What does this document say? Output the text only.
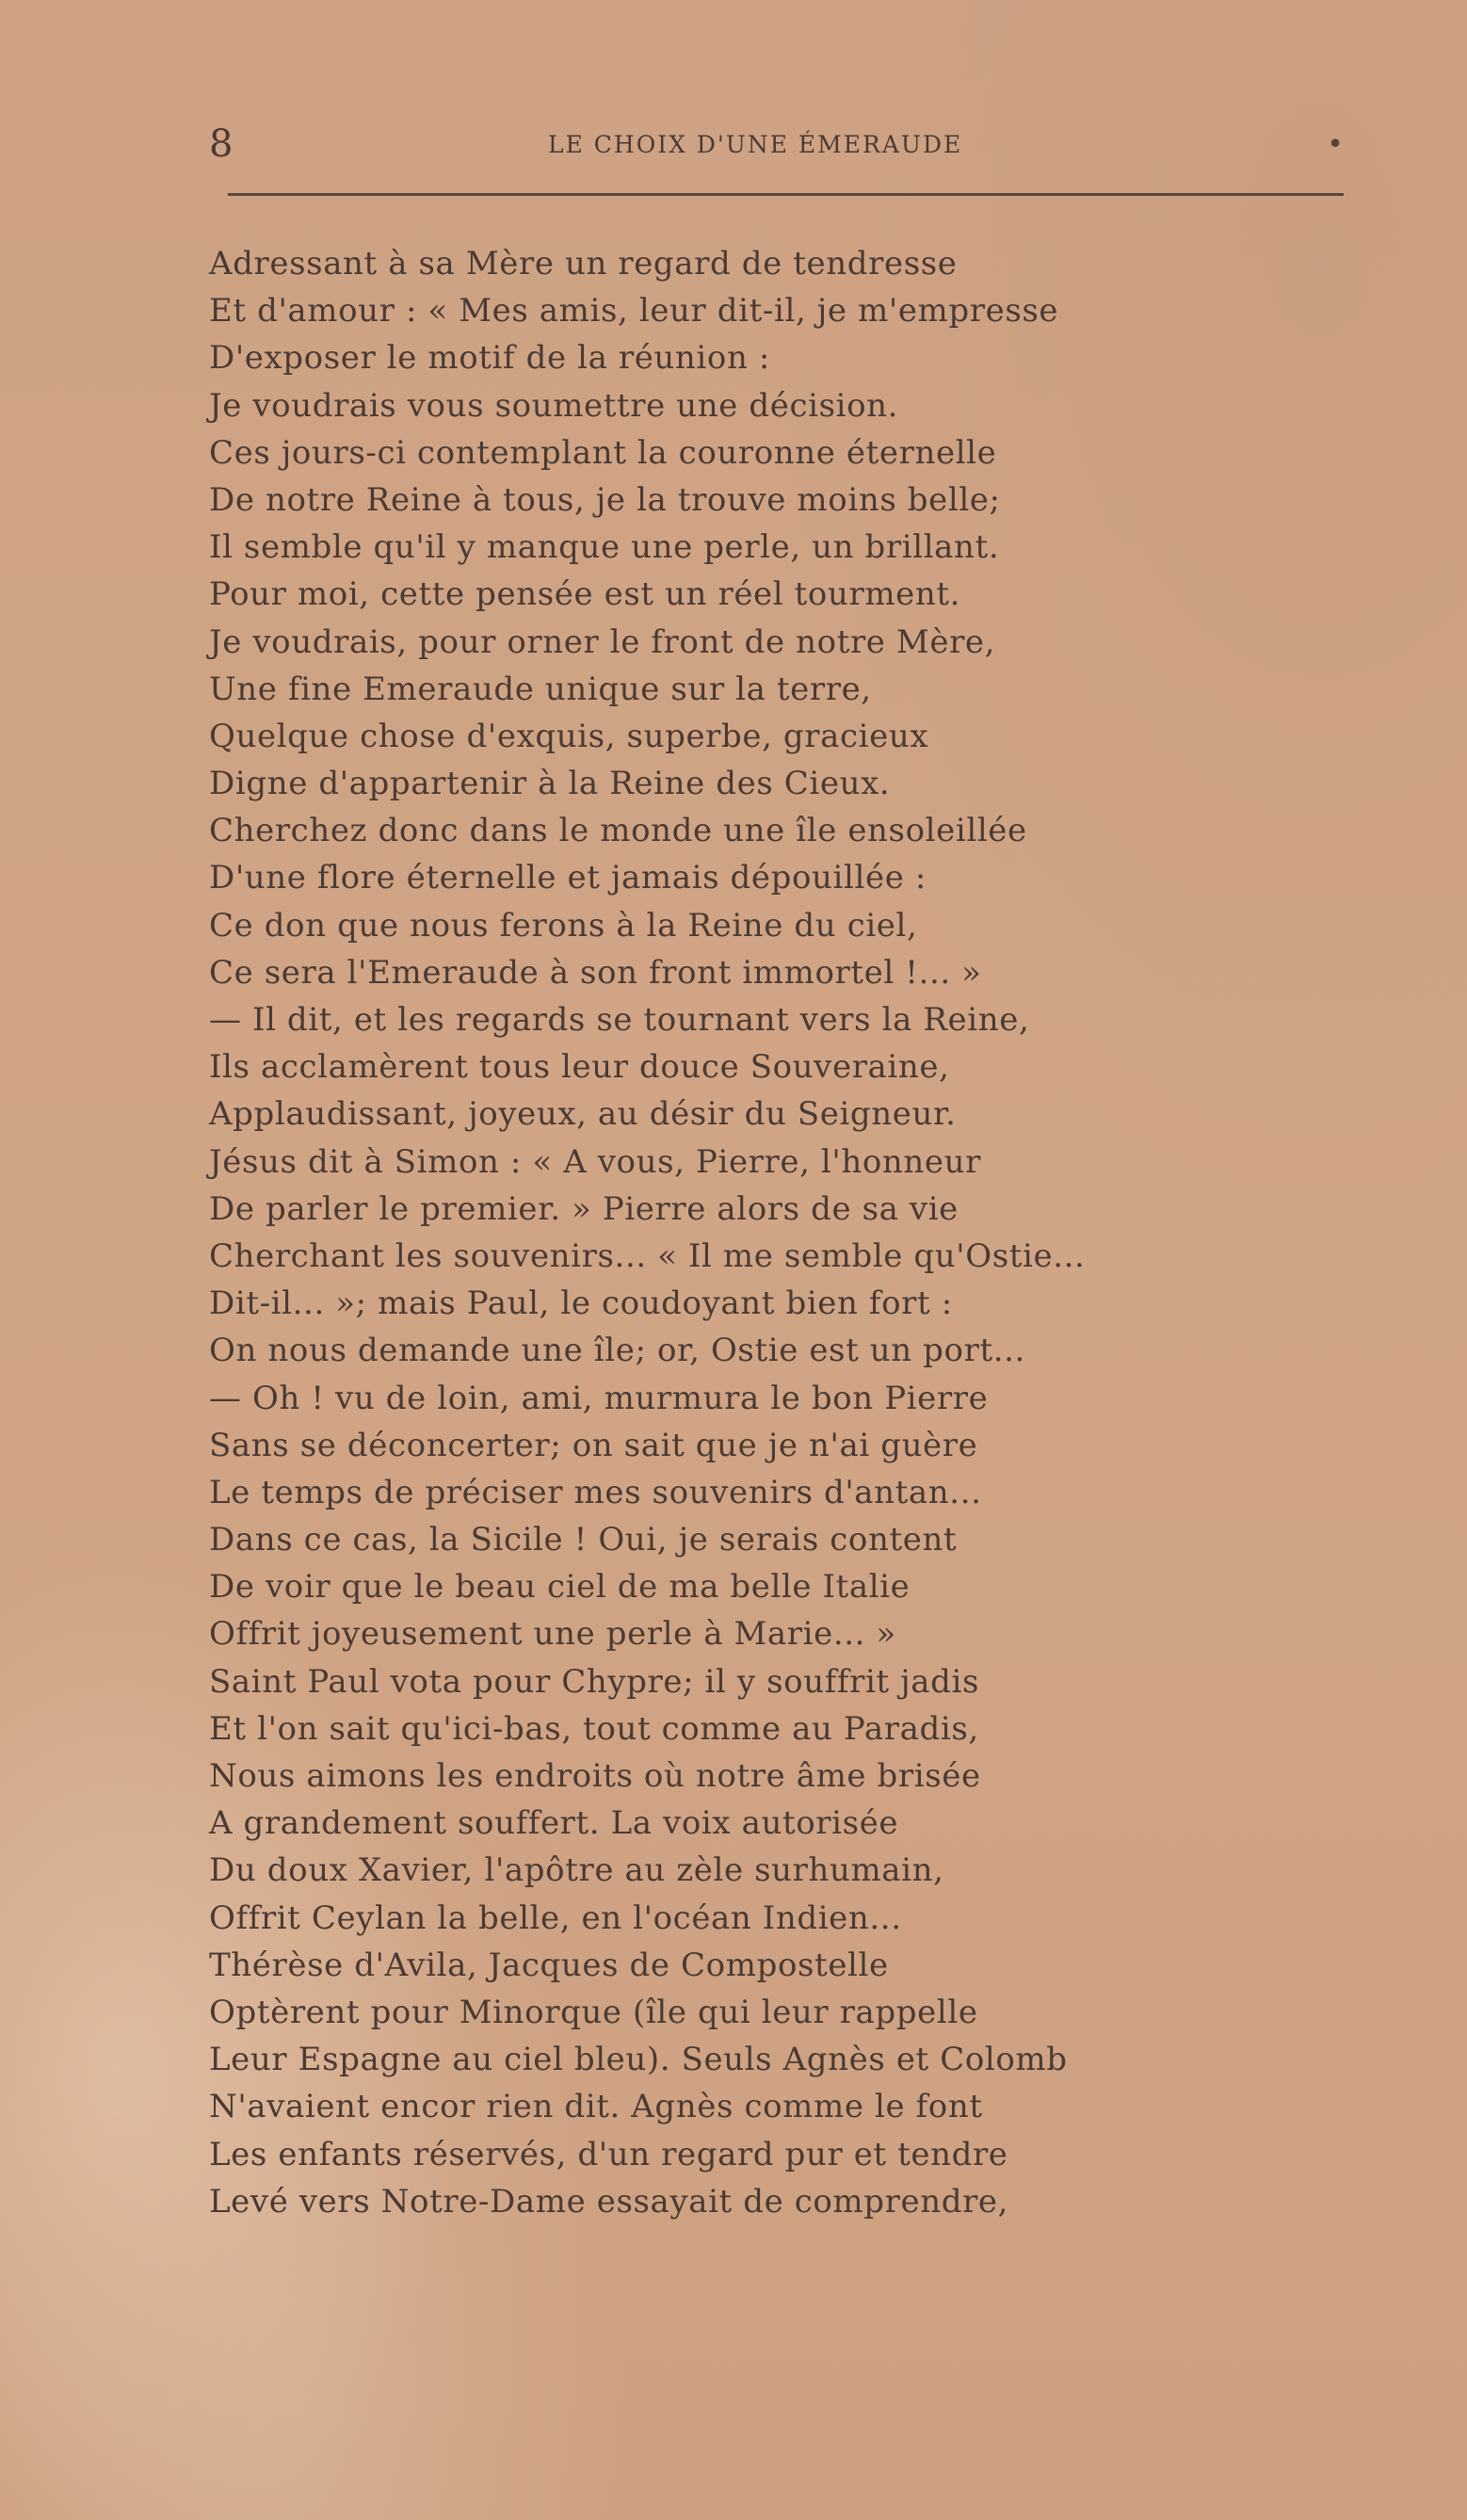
8	LE CHOIX D'UNE ÉMERAUDE	•
Adressant à sa Mère un regard de tendresse
Et d'amour : « Mes amis, leur dit-il, je m'empresse
D'exposer le motif de la réunion :
Je voudrais vous soumettre une décision.
Ces jours-ci contemplant la couronne éternelle
De notre Reine à tous, je la trouve moins belle;
Il semble qu'il y manque une perle, un brillant.
Pour moi, cette pensée est un réel tourment.
Je voudrais, pour orner le front de notre Mère,
Une fine Emeraude unique sur la terre,
Quelque chose d'exquis, superbe, gracieux
Digne d'appartenir à la Reine des Cieux.
Cherchez donc dans le monde une île ensoleillée
D'une flore éternelle et jamais dépouillée :
Ce don que nous ferons à la Reine du ciel,
Ce sera l'Emeraude à son front immortel !... »
— Il dit, et les regards se tournant vers la Reine,
Ils acclamèrent tous leur douce Souveraine,
Applaudissant, joyeux, au désir du Seigneur.
Jésus dit à Simon : « A vous, Pierre, l'honneur
De parler le premier. » Pierre alors de sa vie
Cherchant les souvenirs... « Il me semble qu'Ostie...
Dit-il... »; mais Paul, le coudoyant bien fort :
On nous demande une île; or, Ostie est un port...
— Oh ! vu de loin, ami, murmura le bon Pierre
Sans se déconcerter; on sait que je n'ai guère
Le temps de préciser mes souvenirs d'antan...
Dans ce cas, la Sicile ! Oui, je serais content
De voir que le beau ciel de ma belle Italie
Offrit joyeusement une perle à Marie... »
Saint Paul vota pour Chypre; il y souffrit jadis
Et l'on sait qu'ici-bas, tout comme au Paradis,
Nous aimons les endroits où notre âme brisée
A grandement souffert. La voix autorisée
Du doux Xavier, l'apôtre au zèle surhumain,
Offrit Ceylan la belle, en l'océan Indien...
Thérèse d'Avila, Jacques de Compostelle
Optèrent pour Minorque (île qui leur rappelle
Leur Espagne au ciel bleu). Seuls Agnès et Colomb
N'avaient encor rien dit. Agnès comme le font
Les enfants réservés, d'un regard pur et tendre
Levé vers Notre-Dame essayait de comprendre,
